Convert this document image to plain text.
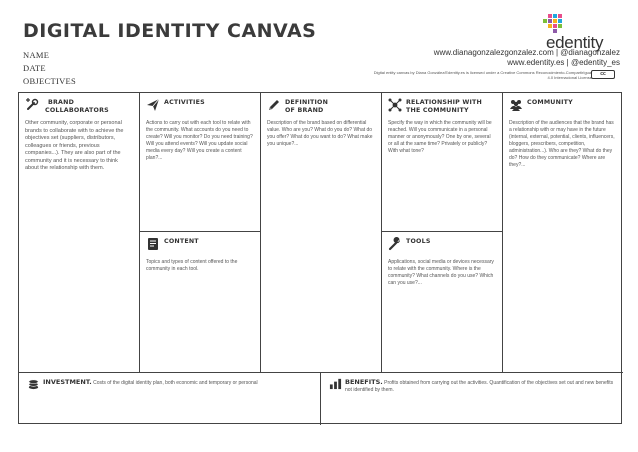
DIGITAL IDENTITY CANVAS
NAME
DATE
OBJECTIVES
edentity
www.dianagonzalezgonzalez.com | @dianagonzalez
www.edentity.es | @edentity_es
Digital entity canvas by Diana González/Edentity.es is licensed under a Creative Commons Reconocimiento-CompartirIgual 4.0 Internacional License
cc
BRAND
COLLABORATORS
Other community, corporate or personal brands to collaborate with to achieve the objectives set (suppliers, distributors, colleagues or friends, previous companies...). They are also part of the community and it is necessary to think about the relationship with them.
ACTIVITIES
Actions to carry out with each tool to relate with the community. What accounts do you need to create? Will you monitor? Do you need training? Will you attend events? Will you update social media every day? Will you create a content plan?...
CONTENT
Topics and types of content offered to the community in each tool.
DEFINITION
OF BRAND
Description of the brand based on differential value. Who are you? What do you do? What do you offer? What do you want to do? What make you unique?...
RELATIONSHIP WITH
THE COMMUNITY
Specify the way in which the community will be reached. Will you communicate in a personal manner or anonymously? One by one, several or all at the same time? Privately or publicly? With what tone?
TOOLS
Applications, social media or devices necessary to relate with the community. Where is the community? What channels do you use? Which can you use?...
COMMUNITY
Description of the audiences that the brand has a relationship with or may have in the future (internal, external, potential, clients, influencers, bloggers, prescribers, competition, administration...). Who are they? What do they do? How do they communicate? Where are they?...
INVESTMENT. Costs of the digital identity plan, both economic and temporary or personal	BENEFITS. Profits obtained from carrying out the activities. Quantification of the objectives set out and new benefits not identified by them.
